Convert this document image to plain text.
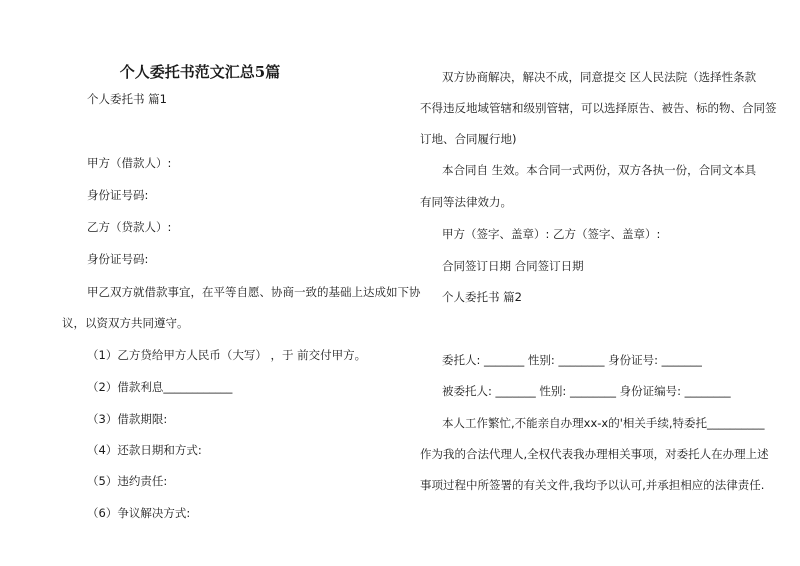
个人委托书范文汇总5篇
个人委托书 篇1
甲方（借款人）:
身份证号码:
乙方（贷款人）:
身份证号码:
甲乙双方就借款事宜，在平等自愿、协商一致的基础上达成如下协
议，以资双方共同遵守。
（1）乙方贷给甲方人民币（大写） ，于 前交付甲方。
（2）借款利息____________
（3）借款期限:
（4）还款日期和方式:
（5）违约责任:
（6）争议解决方式:
双方协商解决，解决不成，同意提交 区人民法院（选择性条款
不得违反地域管辖和级别管辖，可以选择原告、被告、标的物、合同签
订地、合同履行地)
本合同自 生效。本合同一式两份，双方各执一份，合同文本具
有同等法律效力。
甲方（签字、盖章）: 乙方（签字、盖章）:
合同签订日期 合同签订日期
个人委托书 篇2
委托人: _______ 性别: ________ 身份证号: _______
被委托人: _______ 性别: ________ 身份证编号: ________
本人工作繁忙,不能亲自办理xx-x的'相关手续,特委托__________
作为我的合法代理人,全权代表我办理相关事项，对委托人在办理上述
事项过程中所签署的有关文件,我均予以认可,并承担相应的法律责任.
